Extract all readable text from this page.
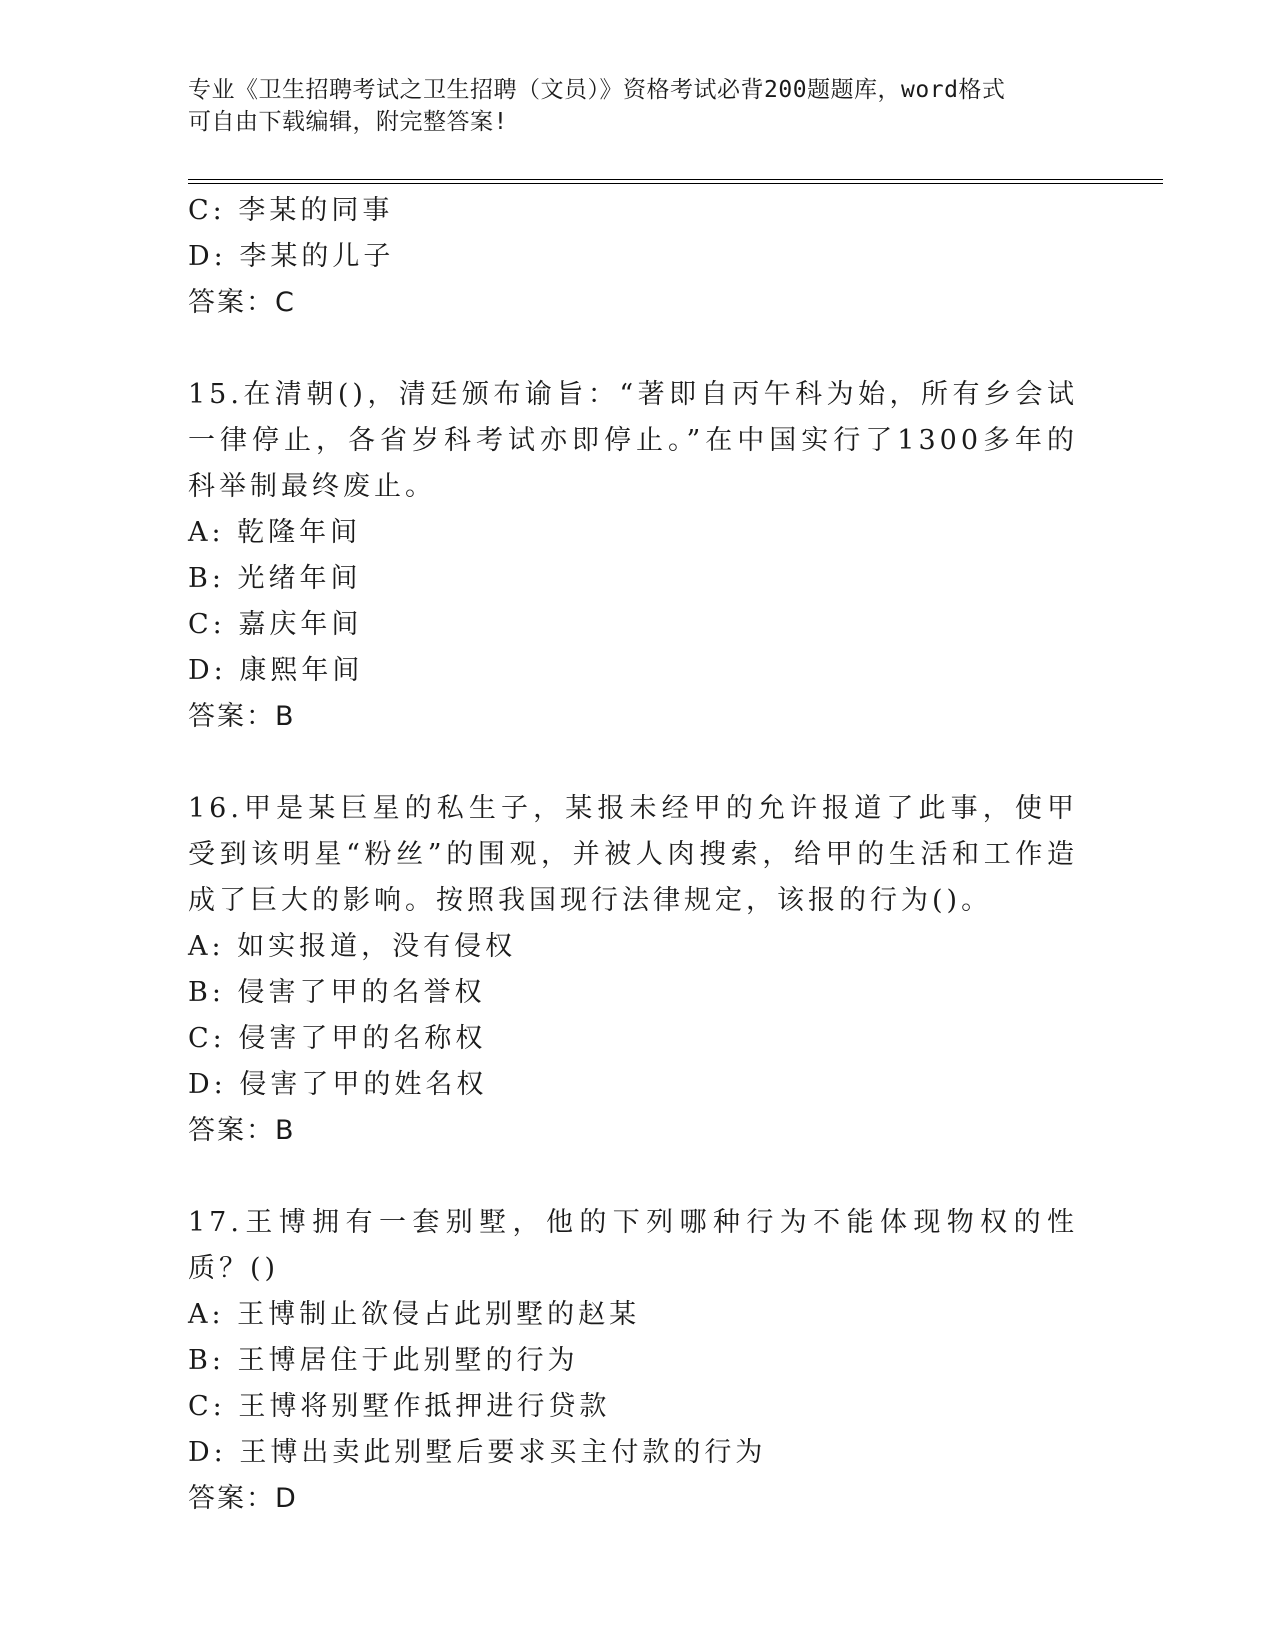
专业《卫生招聘考试之卫生招聘（文员）》资格考试必背200题题库，word格式
可自由下载编辑，附完整答案!
C: 李某的同事
D: 李某的儿子
答案：C
15.在清朝()，清廷颁布谕旨：“著即自丙午科为始，所有乡会试一律停止，各省岁科考试亦即停止。”在中国实行了1300多年的科举制最终废止。
A: 乾隆年间
B: 光绪年间
C: 嘉庆年间
D: 康熙年间
答案：B
16.甲是某巨星的私生子，某报未经甲的允许报道了此事，使甲受到该明星“粉丝”的围观，并被人肉搜索，给甲的生活和工作造成了巨大的影响。按照我国现行法律规定，该报的行为()。
A: 如实报道，没有侵权
B: 侵害了甲的名誉权
C: 侵害了甲的名称权
D: 侵害了甲的姓名权
答案：B
17.王博拥有一套别墅，他的下列哪种行为不能体现物权的性质？()
A: 王博制止欲侵占此别墅的赵某
B: 王博居住于此别墅的行为
C: 王博将别墅作抵押进行贷款
D: 王博出卖此别墅后要求买主付款的行为
答案：D
